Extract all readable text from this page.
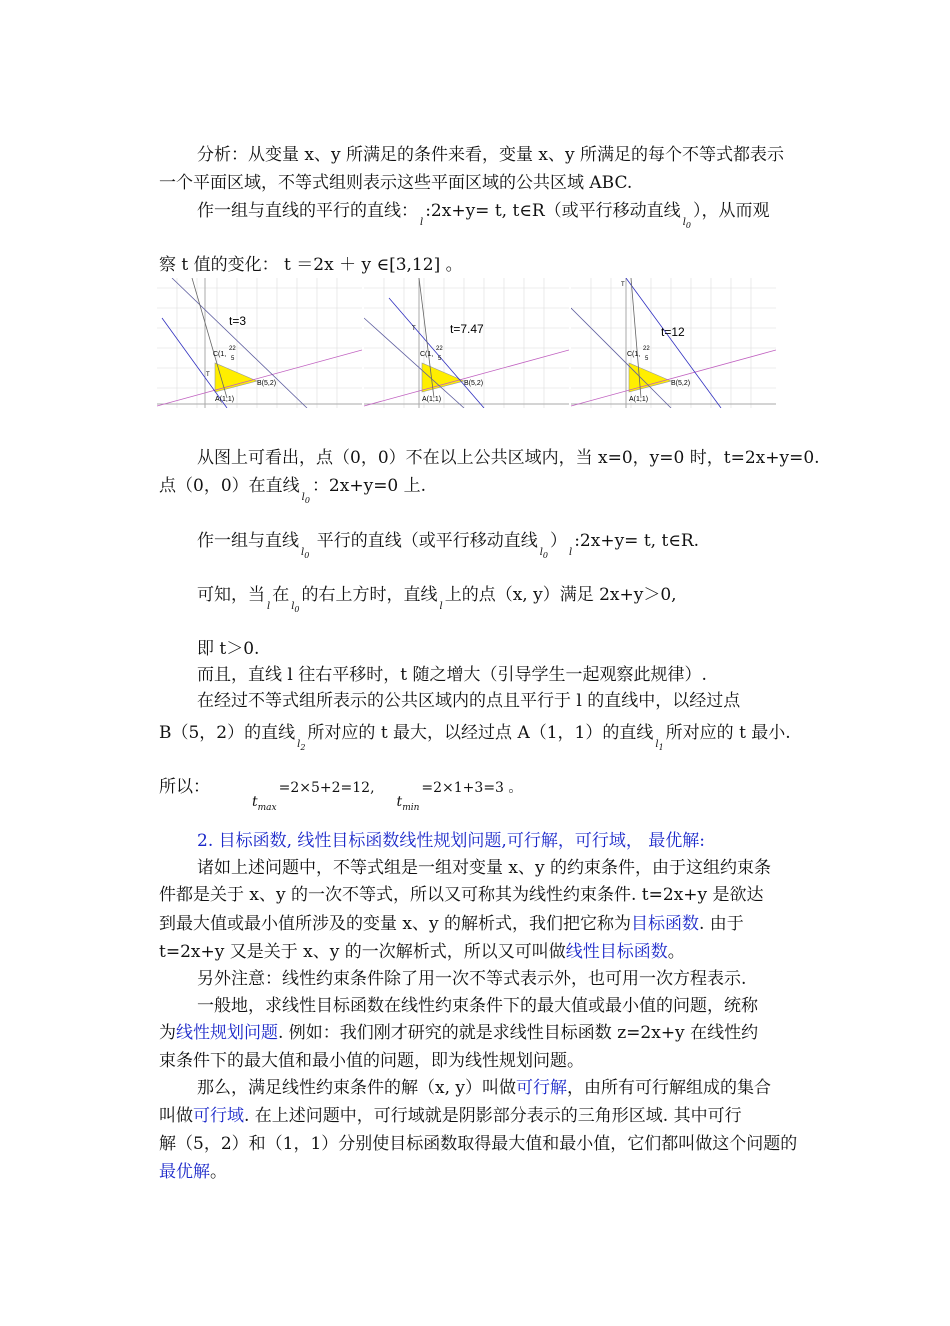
分析：从变量 x、y 所满足的条件来看，变量 x、y 所满足的每个不等式都表示
一个平面区域，不等式组则表示这些平面区域的公共区域 ABC.
作一组与直线的平行的直线：$_l$:2x+y= t, t∈R（或平行移动直线$_{l_0}$），从而观
察 t 值的变化： t ＝2x ＋ y ∈[3,12] 。
t=3
C(1,
22
5
B(5,2)
A(1,1)
T
t=7.47
C(1,
22
5
B(5,2)
A(1,1)
T	t=12
C(1,
22
5
B(5,2)
A(1,1)
T
从图上可看出，点（0，0）不在以上公共区域内，当 x=0，y=0 时，t=2x+y=0.
点（0，0）在直线$_{l_0}$：2x+y=0 上.
作一组与直线$_{l_0}$ 平行的直线（或平行移动直线$_{l_0})_l:2x+y= t$, t∈R.
可知，当$_l$在$_{l_0}$的右上方时，直线$_l$上的点（x, y）满足 2x+y＞0,
即 t＞0.
而且，直线 l 往右平移时，t 随之增大（引导学生一起观察此规律）.
在经过不等式组所表示的公共区域内的点且平行于 l 的直线中，以经过点
B（5，2）的直线$_{l_2}$所对应的 t 最大，以经过点 A（1，1）的直线$_{l_1}$所对应的 t 最小.
所以：$_{t_{max}}=2\times 5+2=12,_{t_{min}}=2\times 1+3=3$ 。
2. 目标函数, 线性目标函数线性规划问题,可行解，可行域， 最优解:
诸如上述问题中，不等式组是一组对变量 x、y 的约束条件，由于这组约束条
件都是关于 x、y 的一次不等式，所以又可称其为线性约束条件. t=2x+y 是欲达
到最大值或最小值所涉及的变量 x、y 的解析式，我们把它称为目标函数. 由于
t=2x+y 又是关于 x、y 的一次解析式，所以又可叫做线性目标函数。
另外注意：线性约束条件除了用一次不等式表示外，也可用一次方程表示.
一般地，求线性目标函数在线性约束条件下的最大值或最小值的问题，统称
为线性规划问题. 例如：我们刚才研究的就是求线性目标函数 z=2x+y 在线性约
束条件下的最大值和最小值的问题，即为线性规划问题。
那么，满足线性约束条件的解（x, y）叫做可行解，由所有可行解组成的集合
叫做可行域. 在上述问题中，可行域就是阴影部分表示的三角形区域. 其中可行
解（5，2）和（1，1）分别使目标函数取得最大值和最小值，它们都叫做这个问题的
最优解。
